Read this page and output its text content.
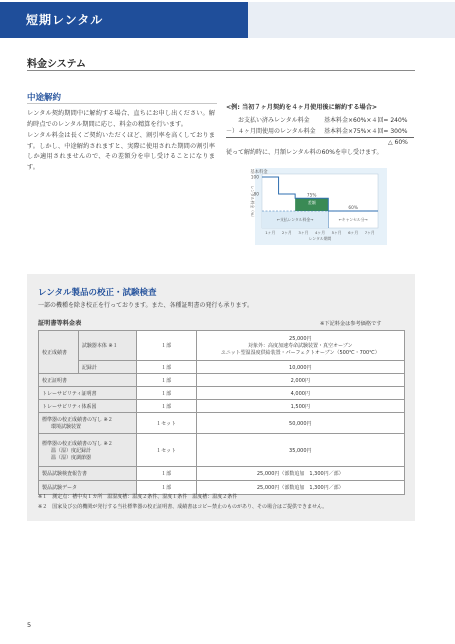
短期レンタル
料金システム
中途解約
レンタル契約期間中に解約する場合、直ちにお申し出ください。解約時点でのレンタル期間に応じ、料金の精算を行います。
レンタル料金は長くご契約いただくほど、割引率を高くしております。しかし、中途解約されますと、実際に使用された期間の割引率しか適用されませんので、その差額分を申し受けることになります。
<例: 当初７ヶ月契約を４ヶ月使用後に解約する場合>
お支払い済みレンタル料金 基本料金×60%×４回= 240%
－）４ヶ月間使用のレンタル料金 基本料金×75%×４回= 300%
△ 60%
従って解約時に、月額レンタル料の60%を申し受けます。
100
80
1ヶ月 2ヶ月 3ヶ月 4ヶ月 5ヶ月 6ヶ月 7ヶ月
基本料金
レンタル料金（%）
レンタル期間
75%
差額
60%
←支払レンタル料金→	←キャンセル分→
レンタル製品の校正・試験検査
一部の機種を除き校正を行っております。また、各種証明書の発行も承ります。
証明書等料金表	※下記料金は参考価格です
校正成績書	試験器本体 ※１	１部	25,000円
対象外：高度加速寿命試験装置・真空オーブン
ユニット型温湿度供給装置・パーフェクトオーブン（500℃・700℃）

	記録計	１部	10,000円
校正証明書		１部	2,000円
トレーサビリティ証明書		１部	4,000円
トレーサビリティ体系図		１部	1,500円

標準器の校正成績書の写し ※２
環境試験装置		１セット	50,000円

標準器の校正成績書の写し ※２
温（湿）度記録計
温（湿）度調節器		１セット	35,000円
製品試験検査報告書		１部	25,000円（部数追加　1,300円／部）
製品試験データ		１部	25,000円（部数追加　1,300円／部）
※１　測定点：槽中央１カ所　温湿度槽：温度２条件、湿度１条件　温度槽：温度２条件
※２　国家及び公的機関が発行する当社標準器の校正証明書、成績書はコピー禁止のものがあり、その場合はご提供できません。
5
